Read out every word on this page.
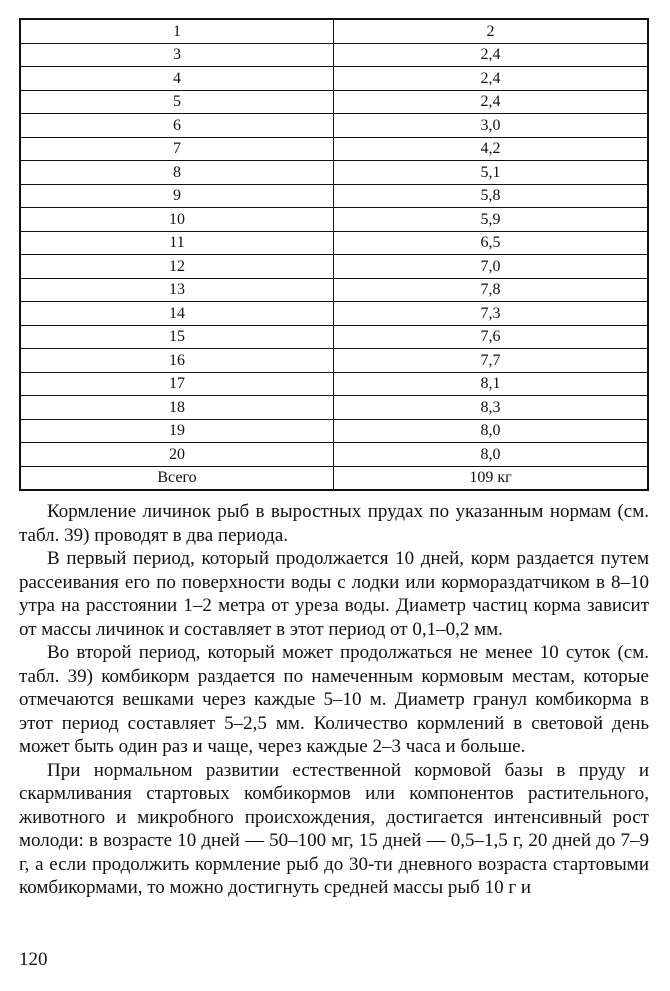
1	2
3	2,4
4	2,4
5	2,4
6	3,0
7	4,2
8	5,1
9	5,8
10	5,9
11	6,5
12	7,0
13	7,8
14	7,3
15	7,6
16	7,7
17	8,1
18	8,3
19	8,0
20	8,0
Всего	109 кг

Кормление личинок рыб в выростных прудах по указанным нормам (см. табл. 39) проводят в два периода.

В первый период, который продолжается 10 дней, корм раздается путем рассеивания его по поверхности воды с лодки или кормораздатчиком в 8–10 утра на расстоянии 1–2 метра от уреза воды. Диаметр частиц корма зависит от массы личинок и составляет в этот период от 0,1–0,2 мм.

Во второй период, который может продолжаться не менее 10 суток (см. табл. 39) комбикорм раздается по намеченным кормовым местам, которые отмечаются вешками через каждые 5–10 м. Диаметр гранул комбикорма в этот период составляет 5–2,5 мм. Количество кормлений в световой день может быть один раз и чаще, через каждые 2–3 часа и больше.

При нормальном развитии естественной кормовой базы в пруду и скармливания стартовых комбикормов или компонентов растительного, животного и микробного происхождения, достигается интенсивный рост молоди: в возрасте 10 дней — 50–100 мг, 15 дней — 0,5–1,5 г, 20 дней до 7–9 г, а если продолжить кормление рыб до 30-ти дневного возраста стартовыми комбикормами, то можно достигнуть средней массы рыб 10 г и

120
